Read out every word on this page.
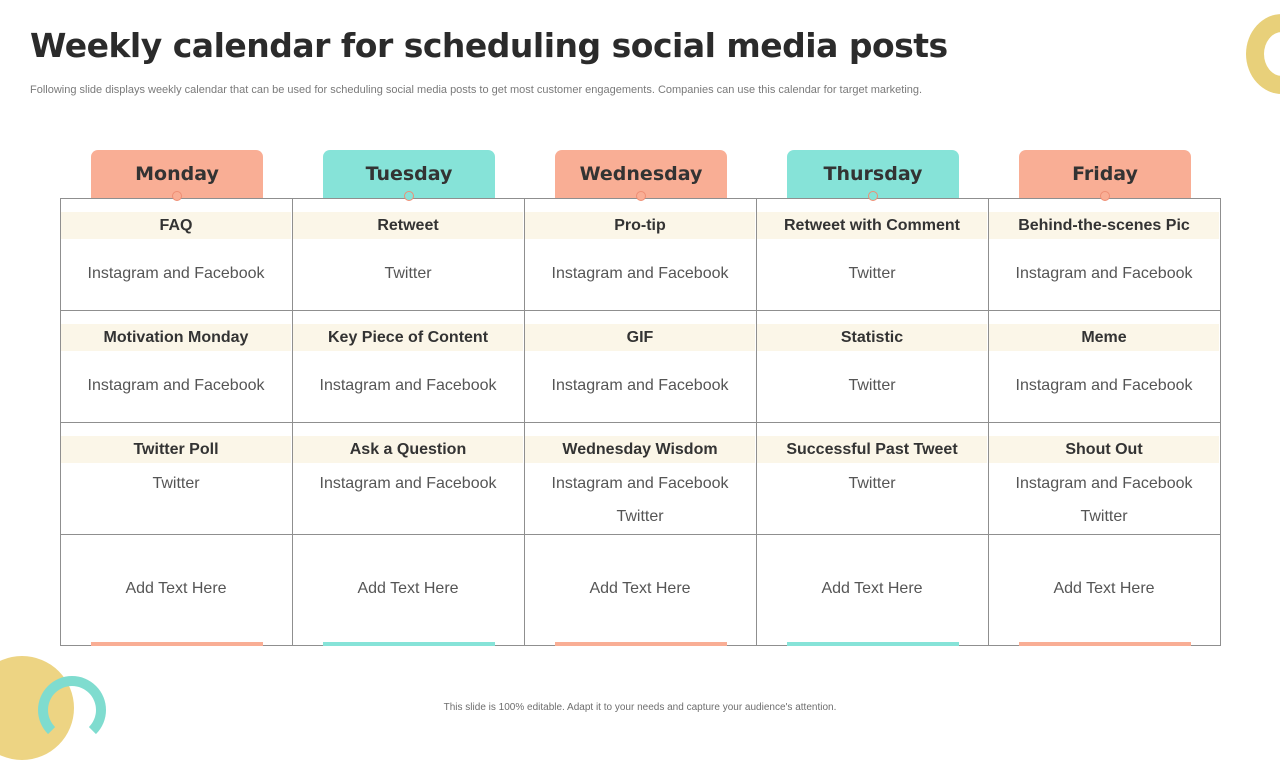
Weekly calendar for scheduling social media posts
Following slide displays weekly calendar that can be used for scheduling social media posts to get most customer engagements. Companies can use this calendar for target marketing.
Monday
FAQ
Instagram and Facebook
Motivation Monday
Instagram and Facebook
Twitter Poll
Twitter
Add Text Here
Tuesday
Retweet
Twitter
Key Piece of Content
Instagram and Facebook
Ask a Question
Instagram and Facebook
Add Text Here
Wednesday
Pro-tip
Instagram and Facebook
GIF
Instagram and Facebook
Wednesday Wisdom
Instagram and Facebook
Twitter
Add Text Here
Thursday
Retweet with Comment
Twitter
Statistic
Twitter
Successful Past Tweet
Twitter
Add Text Here
Friday
Behind-the-scenes Pic
Instagram and Facebook
Meme
Instagram and Facebook
Shout Out
Instagram and Facebook
Twitter
Add Text Here
This slide is 100% editable. Adapt it to your needs and capture your audience's attention.
